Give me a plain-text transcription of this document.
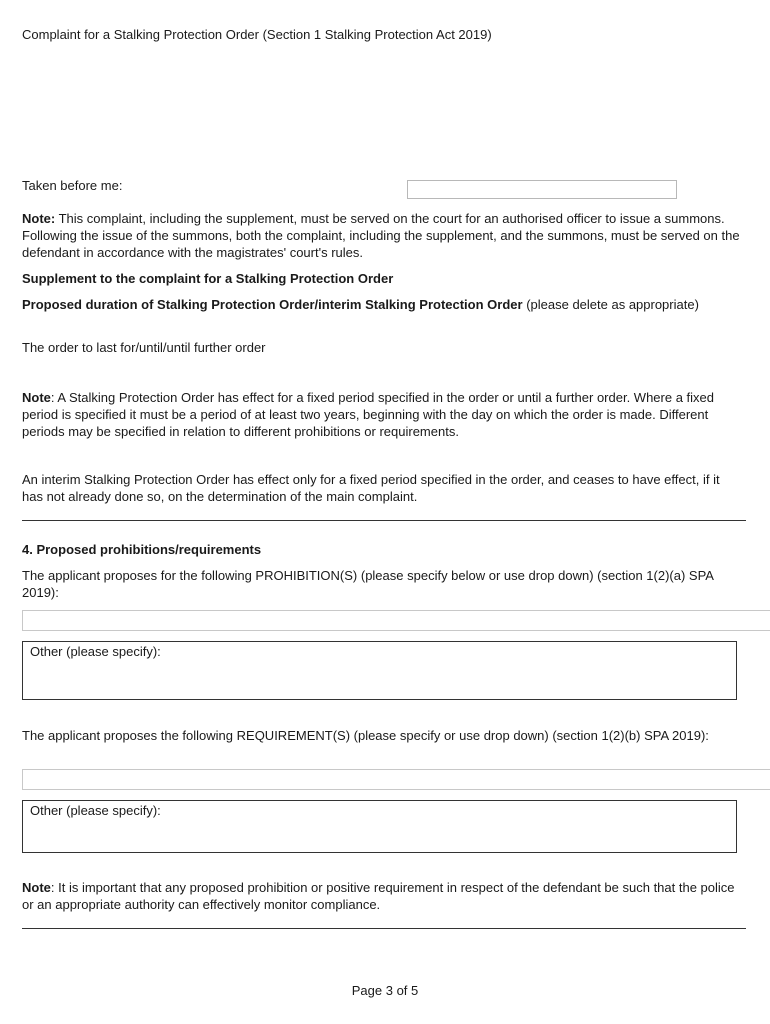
Complaint for a Stalking Protection Order (Section 1 Stalking Protection Act 2019)
Taken before me:

Note: This complaint, including the supplement, must be served on the court for an authorised officer to issue a summons. Following the issue of the summons, both the complaint, including the supplement, and the summons, must be served on the defendant in accordance with the magistrates' court's rules.

Supplement to the complaint for a Stalking Protection Order

Proposed duration of Stalking Protection Order/interim Stalking Protection Order (please delete as appropriate)

The order to last for/until/until further order

Note: A Stalking Protection Order has effect for a fixed period specified in the order or until a further order. Where a fixed period is specified it must be a period of at least two years, beginning with the day on which the order is made. Different periods may be specified in relation to different prohibitions or requirements.

An interim Stalking Protection Order has effect only for a fixed period specified in the order, and ceases to have effect, if it has not already done so, on the determination of the main complaint.

4. Proposed prohibitions/requirements

The applicant proposes for the following PROHIBITION(S) (please specify below or use drop down) (section 1(2)(a) SPA 2019):

Other (please specify):

The applicant proposes the following REQUIREMENT(S) (please specify or use drop down) (section 1(2)(b) SPA 2019):

Other (please specify):

Note: It is important that any proposed prohibition or positive requirement in respect of the defendant be such that the police or an appropriate authority can effectively monitor compliance.

Page 3 of 5
